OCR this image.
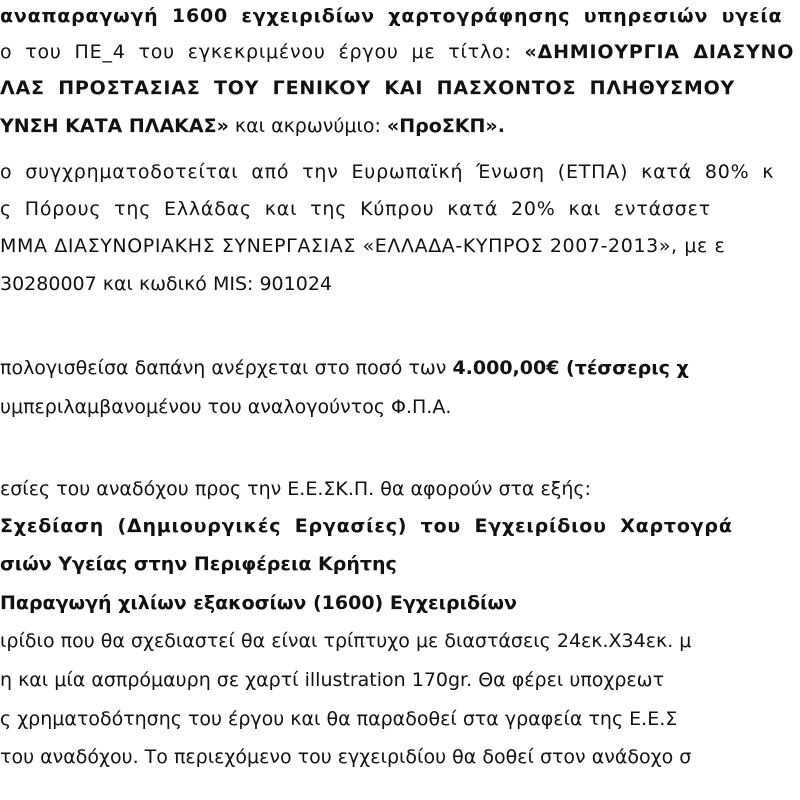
αναπαραγωγή 1600 εγχειριδίων χαρτογράφησης υπηρεσιών υγεία
ο του ΠΕ_4 του εγκεκριμένου έργου με τίτλο: «ΔΗΜΙΟΥΡΓΙΑ ΔΙΑΣΥΝΟ
ΛΑΣ ΠΡΟΣΤΑΣΙΑΣ ΤΟΥ ΓΕΝΙΚΟΥ ΚΑΙ ΠΑΣΧΟΝΤΟΣ ΠΛΗΘΥΣΜΟΥ
ΥΝΣΗ ΚΑΤΑ ΠΛΑΚΑΣ» και ακρωνύμιο: «ΠροΣΚΠ».
ο συγχρηματοδοτείται από την Ευρωπαϊκή Ένωση (ΕΤΠΑ) κατά 80% κ
ς Πόρους της Ελλάδας και της Κύπρου κατά 20% και εντάσσετ
ΜΜΑ ΔΙΑΣΥΝΟΡΙΑΚΗΣ ΣΥΝΕΡΓΑΣΙΑΣ «ΕΛΛΑΔΑ-ΚΥΠΡΟΣ 2007-2013», με ε
30280007 και κωδικό MIS: 901024
πολογισθείσα δαπάνη ανέρχεται στο ποσό των 4.000,00€ (τέσσερις χ
υμπεριλαμβανομένου του αναλογούντος Φ.Π.Α.
εσίες του αναδόχου προς την Ε.Ε.ΣΚ.Π. θα αφορούν στα εξής:
Σχεδίαση (Δημιουργικές Εργασίες) του Εγχειρίδιου Χαρτογρά
σιών Υγείας στην Περιφέρεια Κρήτης
Παραγωγή χιλίων εξακοσίων (1600) Εγχειριδίων
ιρίδιο που θα σχεδιαστεί θα είναι τρίπτυχο με διαστάσεις 24εκ.Χ34εκ. μ
η και μία ασπρόμαυρη σε χαρτί illustration 170gr. Θα φέρει υποχρεωτ
ς χρηματοδότησης του έργου και θα παραδοθεί στα γραφεία της Ε.Ε.Σ
του αναδόχου. Το περιεχόμενο του εγχειριδίου θα δοθεί στον ανάδοχο σ
